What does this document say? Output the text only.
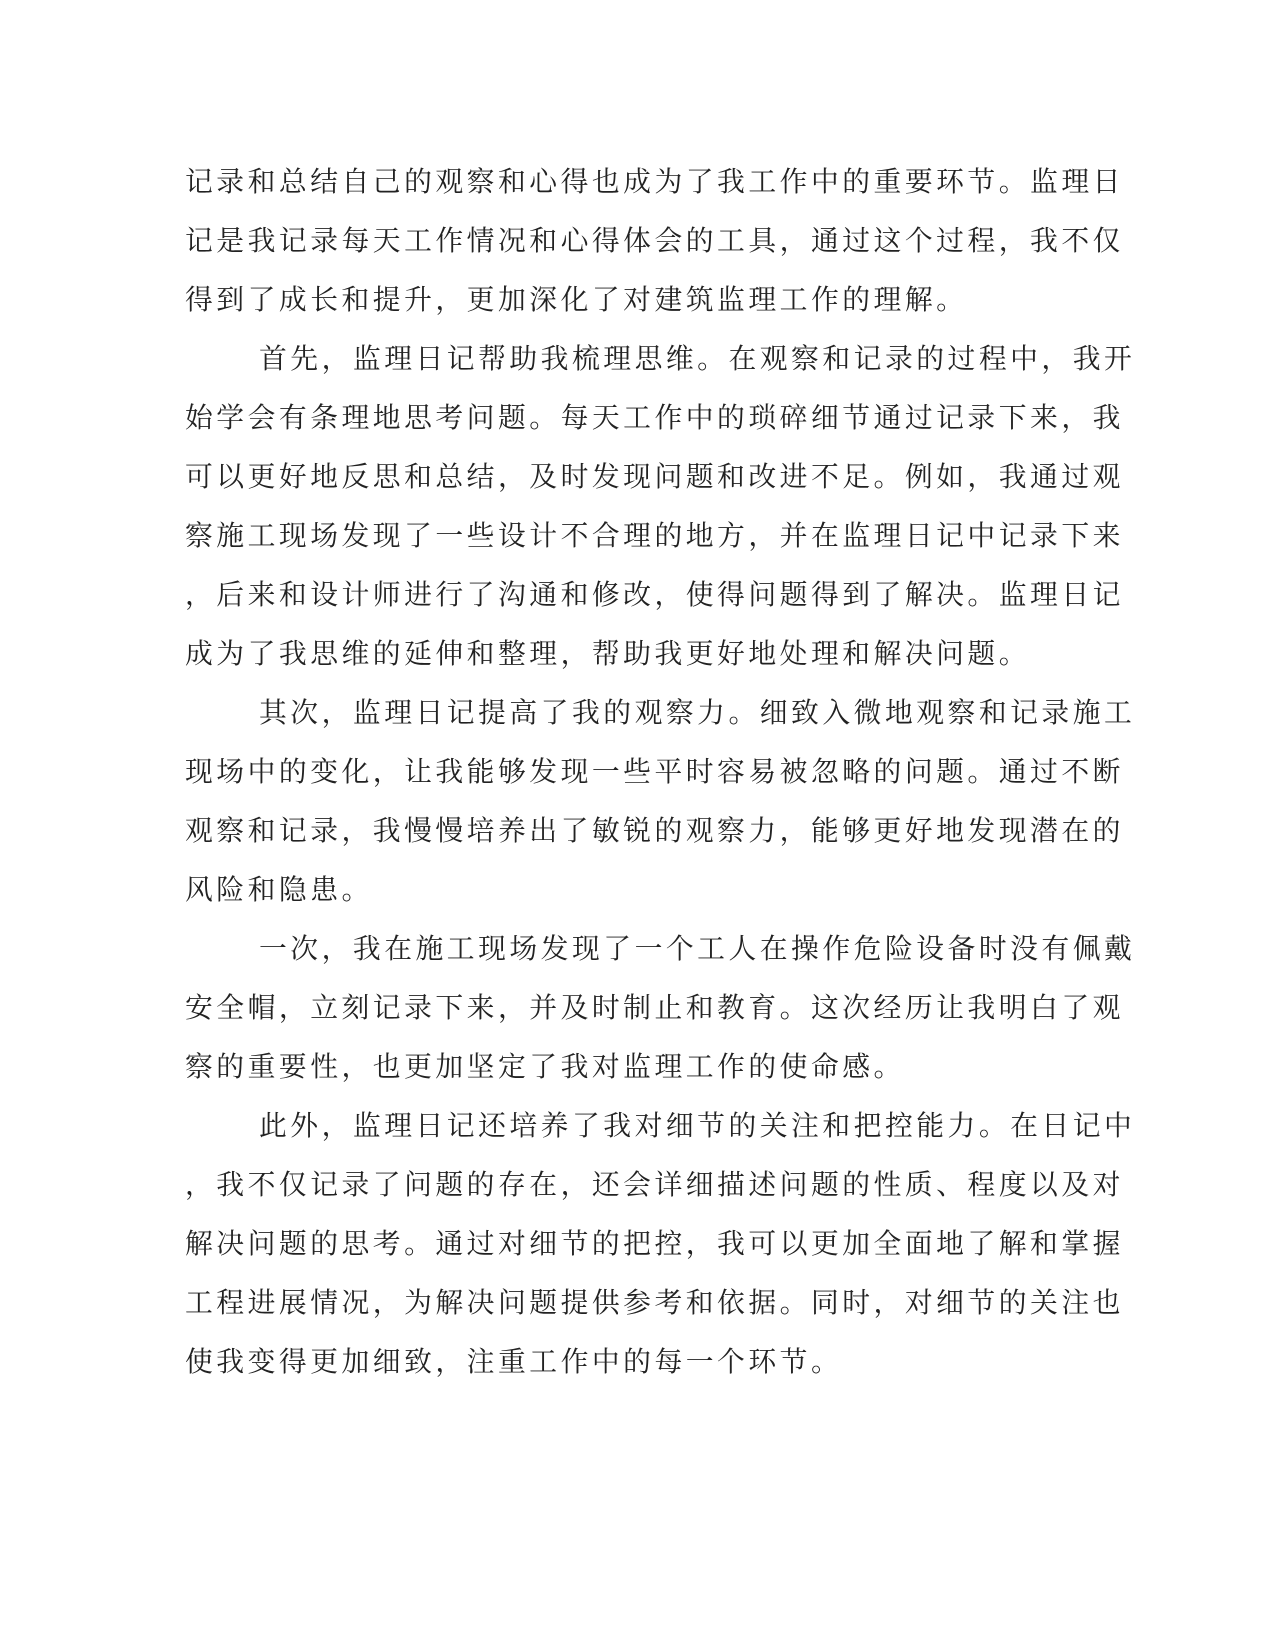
记录和总结自己的观察和心得也成为了我工作中的重要环节。监理日
记是我记录每天工作情况和心得体会的工具，通过这个过程，我不仅
得到了成长和提升，更加深化了对建筑监理工作的理解。
首先，监理日记帮助我梳理思维。在观察和记录的过程中，我开
始学会有条理地思考问题。每天工作中的琐碎细节通过记录下来，我
可以更好地反思和总结，及时发现问题和改进不足。例如，我通过观
察施工现场发现了一些设计不合理的地方，并在监理日记中记录下来
，后来和设计师进行了沟通和修改，使得问题得到了解决。监理日记
成为了我思维的延伸和整理，帮助我更好地处理和解决问题。
其次，监理日记提高了我的观察力。细致入微地观察和记录施工
现场中的变化，让我能够发现一些平时容易被忽略的问题。通过不断
观察和记录，我慢慢培养出了敏锐的观察力，能够更好地发现潜在的
风险和隐患。
一次，我在施工现场发现了一个工人在操作危险设备时没有佩戴
安全帽，立刻记录下来，并及时制止和教育。这次经历让我明白了观
察的重要性，也更加坚定了我对监理工作的使命感。
此外，监理日记还培养了我对细节的关注和把控能力。在日记中
，我不仅记录了问题的存在，还会详细描述问题的性质、程度以及对
解决问题的思考。通过对细节的把控，我可以更加全面地了解和掌握
工程进展情况，为解决问题提供参考和依据。同时，对细节的关注也
使我变得更加细致，注重工作中的每一个环节。
